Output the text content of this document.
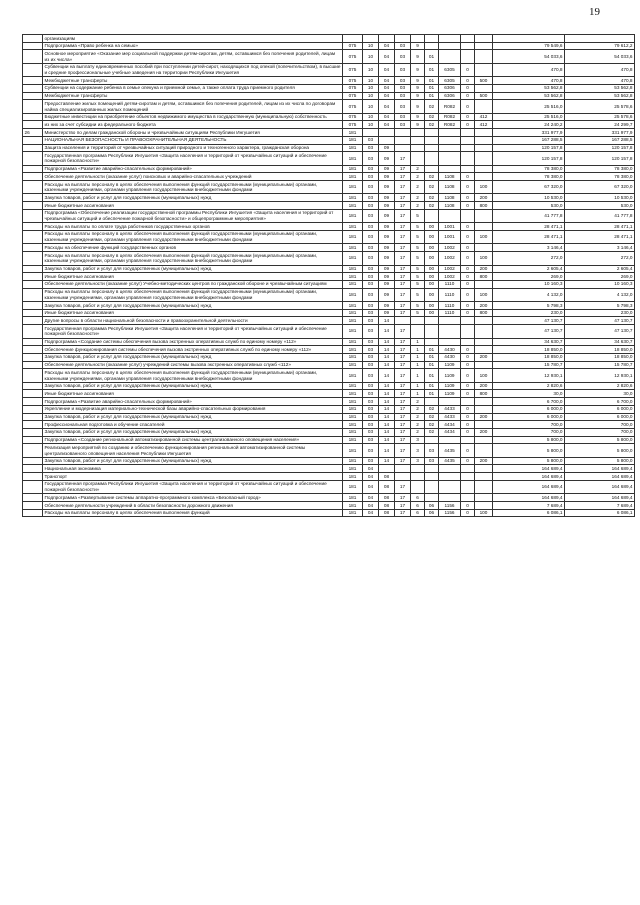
19
	организациям											
	Подпрограмма «Право ребенка на семью»	075	10	04	03	9					79 549,6	79 612,2
	Основное мероприятие «Оказание мер социальной поддержки детям-сиротам, детям, оставшимся без попечения родителей, лицам из их числа»	075	10	04	03	9	01				54 033,6	54 033,6
	Субвенции на выплату единовременных пособий при поступлении детей-сирот, находящихся под опекой (попечительством), в высшие и средние профессиональные учебные заведения на территории Республики Ингушетия	075	10	04	03	9	01	6305	0		470,8	470,8
	Межбюджетные трансферты	075	10	04	03	9	01	6305	0	500	470,8	470,8
	Субвенции на содержание ребенка в семье опекуна и приемной семье, а также оплата труда приемного родителя	075	10	04	03	9	01	6306	0		53 562,8	53 562,8
	Межбюджетные трансферты	075	10	04	03	9	01	6306	0	500	53 562,8	53 562,8
	Предоставление жилых помещений детям-сиротам и детям, оставшимся без попечения родителей, лицам из их числа по договорам найма специализированных жилых помещений	075	10	04	03	9	02	R082	0		25 516,0	25 578,6
	Бюджетные инвестиции на приобретение объектов недвижимого имущества в государственную (муниципальную) собственность	075	10	04	03	9	02	R082	0	412	25 516,0	25 578,6
	из них за счет субсидии из федерального бюджета	075	10	04	03	9	02	R082	0	412	24 240,2	24 299,7
26	Министерство по делам гражданской обороны и чрезвычайным ситуациям Республики Ингушетия	181									331 977,9	331 977,9
	НАЦИОНАЛЬНАЯ БЕЗОПАСНОСТЬ И ПРАВООХРАНИТЕЛЬНАЯ ДЕЯТЕЛЬНОСТЬ	181	03								167 288,5	167 288,5
	Защита населения и территорий от чрезвычайных ситуаций природного и техногенного характера, гражданская оборона	181	03	09							120 157,8	120 157,8
	Государственная программа Республики Ингушетия «Защита населения и территорий от чрезвычайных ситуаций и обеспечение пожарной безопасности»	181	03	09	17						120 157,8	120 157,8
	Подпрограмма «Развитие аварийно-спасательных формирований»	181	03	09	17	2					78 380,0	78 380,0
	Обеспечение деятельности (оказание услуг) поисковых и аварийно-спасательных учреждений	181	03	09	17	2	02	1108	0		78 380,0	78 380,0
	Расходы на выплаты персоналу в целях обеспечения выполнения функций государственными (муниципальными) органами, казенными учреждениями, органами управления государственными внебюджетными фондами	181	03	09	17	2	02	1108	0	100	67 320,0	67 320,0
	Закупка товаров, работ и услуг для государственных (муниципальных) нужд	181	03	09	17	2	02	1108	0	200	10 530,0	10 530,0
	Иные бюджетные ассигнования	181	03	09	17	2	02	1108	0	800	530,0	530,0
	Подпрограмма «Обеспечение реализации государственной программы Республики Ингушетия «Защита населения и территорий от чрезвычайных ситуаций и обеспечение пожарной безопасности» и общепрограммные мероприятия»	181	03	09	17	5					41 777,8	41 777,8
	Расходы на выплаты по оплате труда работников государственных органов	181	03	09	17	5	00	1001	0		28 471,1	28 471,1
	Расходы на выплаты персоналу в целях обеспечения выполнения функций государственными (муниципальными) органами, казенными учреждениями, органами управления государственными внебюджетными фондами	181	03	09	17	5	00	1001	0	100	28 471,1	28 471,1
	Расходы на обеспечение функций государственных органов	181	03	09	17	5	00	1002	0		3 146,4	3 146,4
	Расходы на выплаты персоналу в целях обеспечения выполнения функций государственными (муниципальными) органами, казенными учреждениями, органами управления государственными внебюджетными фондами	181	03	09	17	5	00	1002	0	100	272,0	272,0
	Закупка товаров, работ и услуг для государственных (муниципальных) нужд	181	03	09	17	5	00	1002	0	200	2 605,4	2 605,4
	Иные бюджетные ассигнования	181	03	09	17	5	00	1002	0	800	269,0	269,0
	Обеспечение деятельности (оказание услуг) Учебно-методических центров по гражданской обороне и чрезвычайным ситуациям	181	03	09	17	5	00	1110	0		10 160,3	10 160,3
	Расходы на выплаты персоналу в целях обеспечения выполнения функций государственными (муниципальными) органами, казенными учреждениями, органами управления государственными внебюджетными фондами	181	03	09	17	5	00	1110	0	100	4 132,0	4 132,0
	Закупка товаров, работ и услуг для государственных (муниципальных) нужд	181	03	09	17	5	00	1110	0	200	5 798,3	5 798,3
	Иные бюджетные ассигнования	181	03	09	17	5	00	1110	0	800	230,0	230,0
	Другие вопросы в области национальной безопасности и правоохранительной деятельности	181	03	14							47 130,7	47 130,7
	Государственная программа Республики Ингушетия «Защита населения и территорий от чрезвычайных ситуаций и обеспечение пожарной безопасности»	181	03	14	17						47 130,7	47 130,7
	Подпрограмма «Создание системы обеспечения вызова экстренных оперативных служб по единому номеру «112»	181	03	14	17	1					34 630,7	34 630,7
	Обеспечение функционирования системы обеспечения вызова экстренных оперативных служб по единому номеру «112»	181	03	14	17	1	01	4430	0		18 850,0	18 850,0
	Закупка товаров, работ и услуг для государственных (муниципальных) нужд	181	03	14	17	1	01	4430	0	200	18 850,0	18 850,0
	Обеспечение деятельности (оказание услуг) учреждений системы вызова экстренных оперативных служб «112»	181	03	14	17	1	01	1109	0		15 780,7	15 780,7
	Расходы на выплаты персоналу в целях обеспечения выполнения функций государственными (муниципальными) органами, казенными учреждениями, органами управления государственными внебюджетными фондами	181	03	14	17	1	01	1109	0	100	12 930,1	12 930,1
	Закупка товаров, работ и услуг для государственных (муниципальных) нужд	181	03	14	17	1	01	1109	0	200	2 820,6	2 820,6
	Иные бюджетные ассигнования	181	03	14	17	1	01	1109	0	800	30,0	30,0
	Подпрограмма «Развитие аварийно-спасательных формирований»	181	03	14	17	2					6 700,0	6 700,0
	Укрепление и модернизация материально-технической базы аварийно-спасательных формирования	181	03	14	17	2	02	4433	0		6 000,0	6 000,0
	Закупка товаров, работ и услуг для государственных (муниципальных) нужд	181	03	14	17	2	02	4433	0	200	6 000,0	6 000,0
	Профессиональная подготовка и обучение спасателей	181	03	14	17	2	02	4434	0		700,0	700,0
	Закупка товаров, работ и услуг для государственных (муниципальных) нужд	181	03	14	17	2	02	4434	0	200	700,0	700,0
	Подпрограмма «Создание региональной автоматизированной системы централизованного оповещения населения»	181	03	14	17	3					5 800,0	5 800,0
	Реализация мероприятий по созданию и обеспечению функционирования региональной автоматизированной системы централизованного оповещения населения Республики Ингушетия	181	03	14	17	3	03	4435	0		5 800,0	5 800,0
	Закупка товаров, работ и услуг для государственных (муниципальных) нужд	181	03	14	17	3	03	4435	0	200	5 800,0	5 800,0
	Национальная экономика	181	04								164 689,4	164 689,4
	Транспорт	181	04	08							164 689,4	164 689,4
	Государственная программа Республики Ингушетия «Защита населения и территорий от чрезвычайных ситуаций и обеспечение пожарной безопасности»	181	04	08	17						164 689,4	164 689,4
	Подпрограмма «Развертывание системы аппаратно-программного комплекса «Безопасный город»	181	04	08	17	6					164 689,4	164 689,4
	Обеспечение деятельности учреждений в области безопасности дорожного движения	181	04	08	17	6	06	1156	0		7 689,4	7 689,4
	Расходы на выплаты персоналу в целях обеспечения выполнения функций	181	04	08	17	6	06	1156	0	100	6 086,1	6 086,1
